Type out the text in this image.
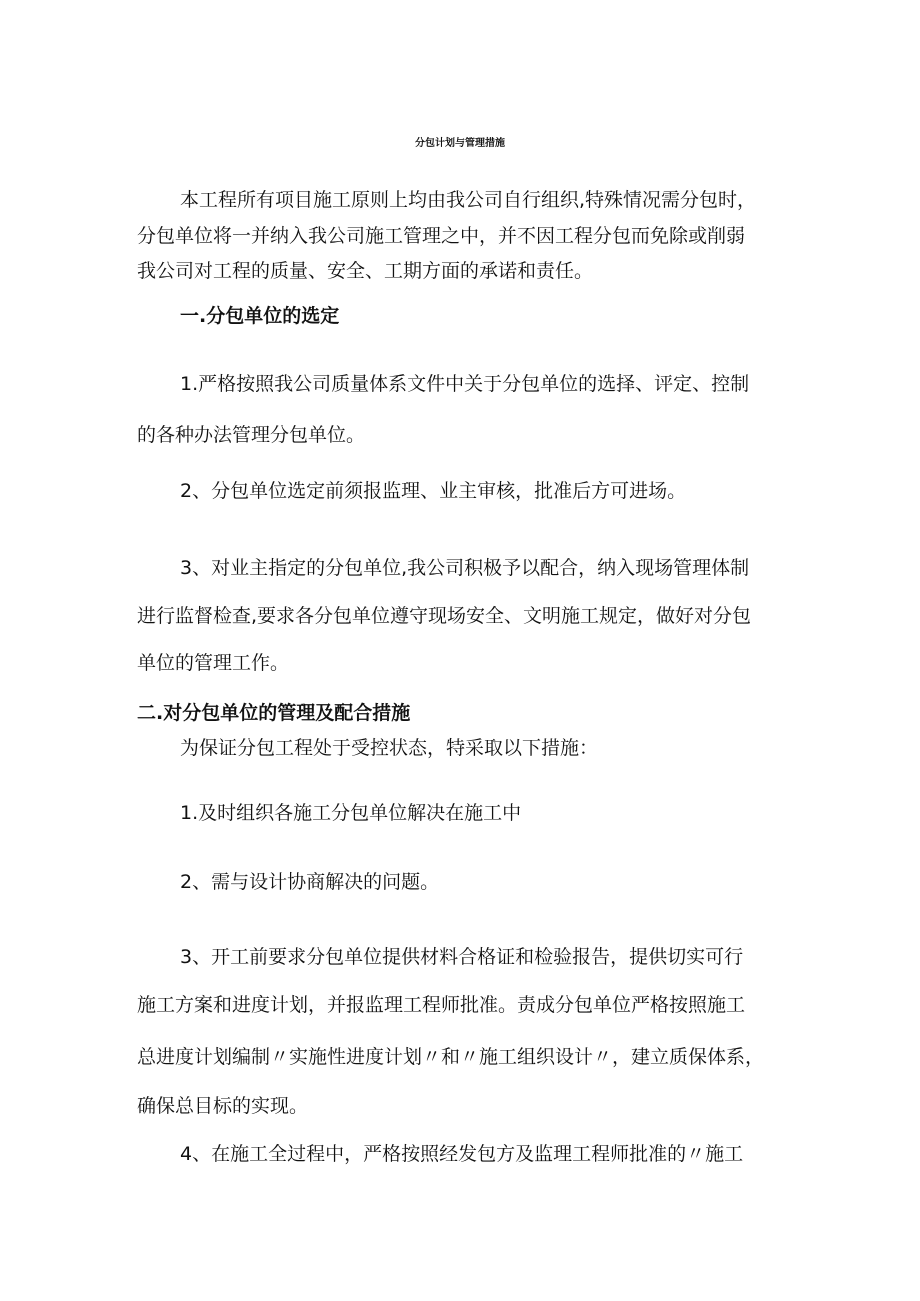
分包计划与管理措施
本工程所有项目施工原则上均由我公司自行组织,特殊情况需分包时，
分包单位将一并纳入我公司施工管理之中，并不因工程分包而免除或削弱
我公司对工程的质量、安全、工期方面的承诺和责任。
一.分包单位的选定
1.严格按照我公司质量体系文件中关于分包单位的选择、评定、控制
的各种办法管理分包单位。
2、分包单位选定前须报监理、业主审核，批准后方可进场。
3、对业主指定的分包单位,我公司积极予以配合，纳入现场管理体制
进行监督检查,要求各分包单位遵守现场安全、文明施工规定，做好对分包
单位的管理工作。
二.对分包单位的管理及配合措施
为保证分包工程处于受控状态，特采取以下措施：
1.及时组织各施工分包单位解决在施工中
2、需与设计协商解决的问题。
3、开工前要求分包单位提供材料合格证和检验报告，提供切实可行
施工方案和进度计划，并报监理工程师批准。责成分包单位严格按照施工
总进度计划编制〃实施性进度计划〃和〃施工组织设计〃，建立质保体系，
确保总目标的实现。
4、在施工全过程中，严格按照经发包方及监理工程师批准的〃施工
